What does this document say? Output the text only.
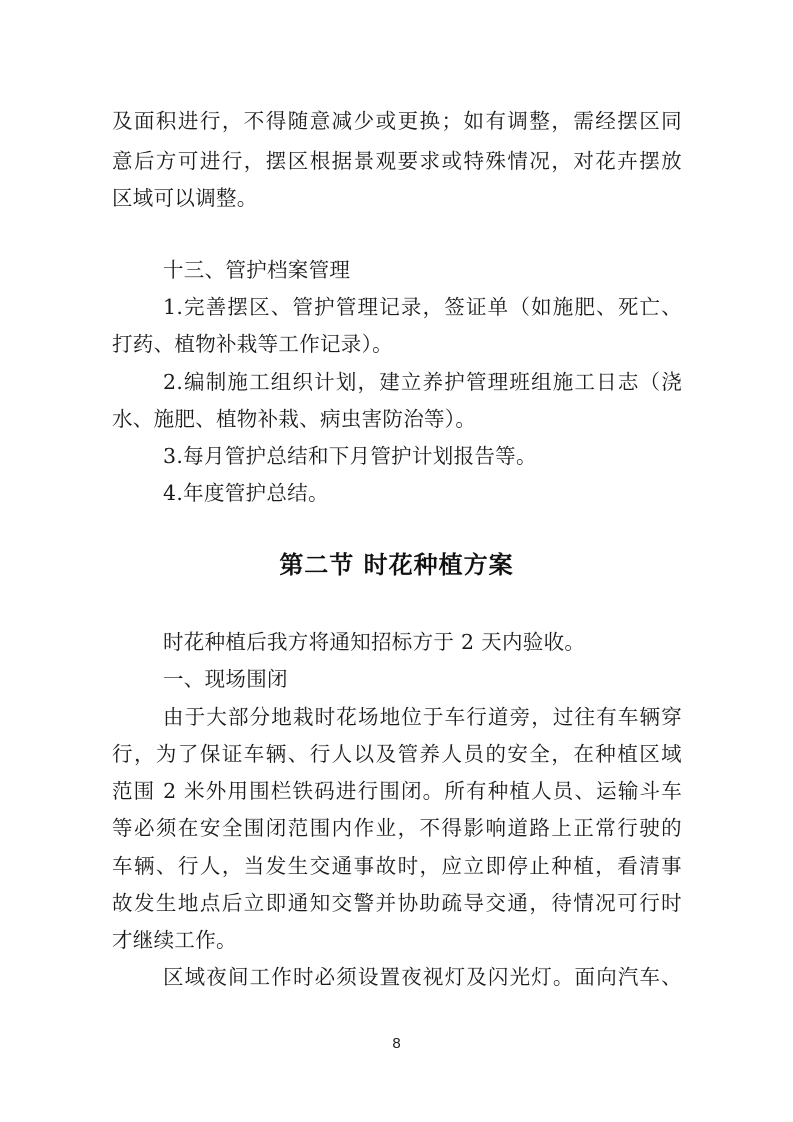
及面积进行，不得随意减少或更换；如有调整，需经摆区同
意后方可进行，摆区根据景观要求或特殊情况，对花卉摆放
区域可以调整。
十三、管护档案管理
1.完善摆区、管护管理记录，签证单（如施肥、死亡、
打药、植物补栽等工作记录）。
2.编制施工组织计划，建立养护管理班组施工日志（浇
水、施肥、植物补栽、病虫害防治等）。
3.每月管护总结和下月管护计划报告等。
4.年度管护总结。
第二节 时花种植方案
时花种植后我方将通知招标方于 2 天内验收。
一、现场围闭
由于大部分地栽时花场地位于车行道旁，过往有车辆穿
行，为了保证车辆、行人以及管养人员的安全，在种植区域
范围 2 米外用围栏铁码进行围闭。所有种植人员、运输斗车
等必须在安全围闭范围内作业，不得影响道路上正常行驶的
车辆、行人，当发生交通事故时，应立即停止种植，看清事
故发生地点后立即通知交警并协助疏导交通，待情况可行时
才继续工作。
区域夜间工作时必须设置夜视灯及闪光灯。面向汽车、
8
